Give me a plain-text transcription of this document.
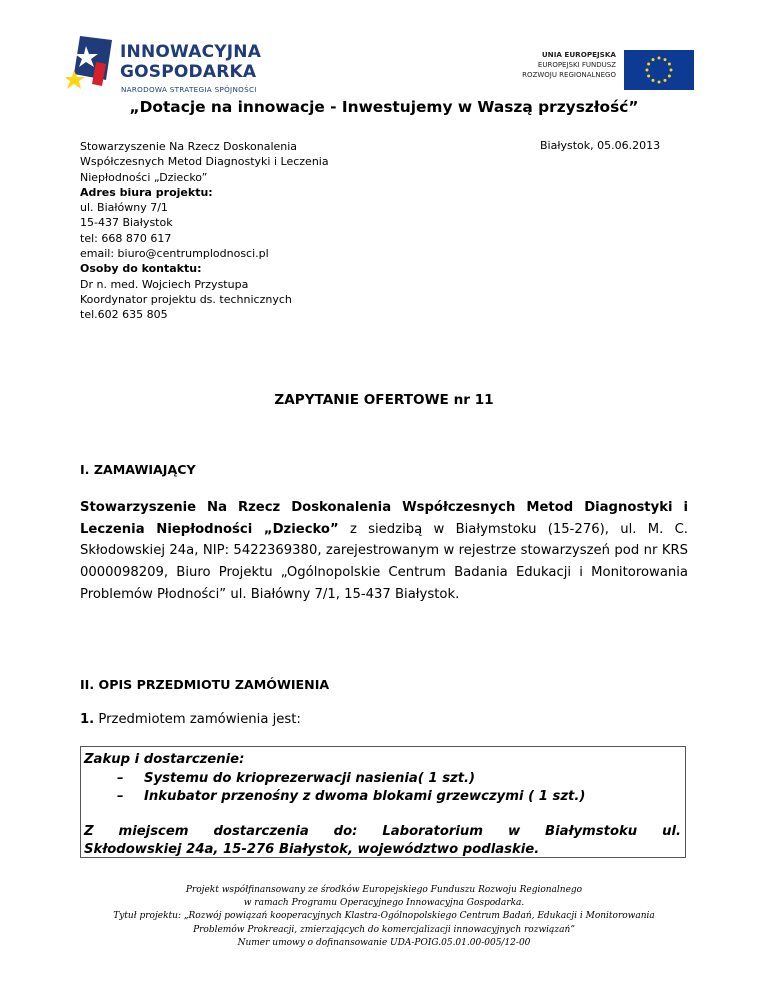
INNOWACYJNA
GOSPODARKA
NARODOWA STRATEGIA SPÓJNOŚCI
UNIA EUROPEJSKA
EUROPEJSKI FUNDUSZ
ROZWOJU REGIONALNEGO
„Dotacje na innowacje - Inwestujemy w Waszą przyszłość”
Stowarzyszenie Na Rzecz Doskonalenia
Współczesnych Metod Diagnostyki i Leczenia
Niepłodności „Dziecko”
Adres biura projektu:
ul. Białówny 7/1
15-437 Białystok
tel: 668 870 617
email: biuro@centrumplodnosci.pl
Osoby do kontaktu:
Dr n. med. Wojciech Przystupa
Koordynator projektu ds. technicznych
tel.602 635 805
Białystok, 05.06.2013
ZAPYTANIE OFERTOWE nr 11
I. ZAMAWIAJĄCY
Stowarzyszenie Na Rzecz Doskonalenia Współczesnych Metod Diagnostyki i Leczenia Niepłodności „Dziecko” z siedzibą w Białymstoku (15-276), ul. M. C. Skłodowskiej 24a, NIP: 5422369380, zarejestrowanym w rejestrze stowarzyszeń pod nr KRS 0000098209, Biuro Projektu „Ogólnopolskie Centrum Badania Edukacji i Monitorowania Problemów Płodności” ul. Białówny 7/1, 15-437 Białystok.
II. OPIS PRZEDMIOTU ZAMÓWIENIA
1. Przedmiotem zamówienia jest:
Zakup i dostarczenie:
– Systemu do krioprezerwacji nasienia( 1 szt.)
– Inkubator przenośny z dwoma blokami grzewczymi ( 1 szt.)
Z miejscem dostarczenia do: Laboratorium w Białymstoku ul.
Skłodowskiej 24a, 15-276 Białystok, województwo podlaskie.
Projekt współfinansowany ze środków Europejskiego Funduszu Rozwoju Regionalnego
w ramach Programu Operacyjnego Innowacyjna Gospodarka.
Tytuł projektu: „Rozwój powiązań kooperacyjnych Klastra-Ogólnopolskiego Centrum Badań, Edukacji i Monitorowania
Problemów Prokreacji, zmierzających do komercjalizacji innowacyjnych rozwiązań”
Numer umowy o dofinansowanie UDA-POIG.05.01.00-005/12-00
